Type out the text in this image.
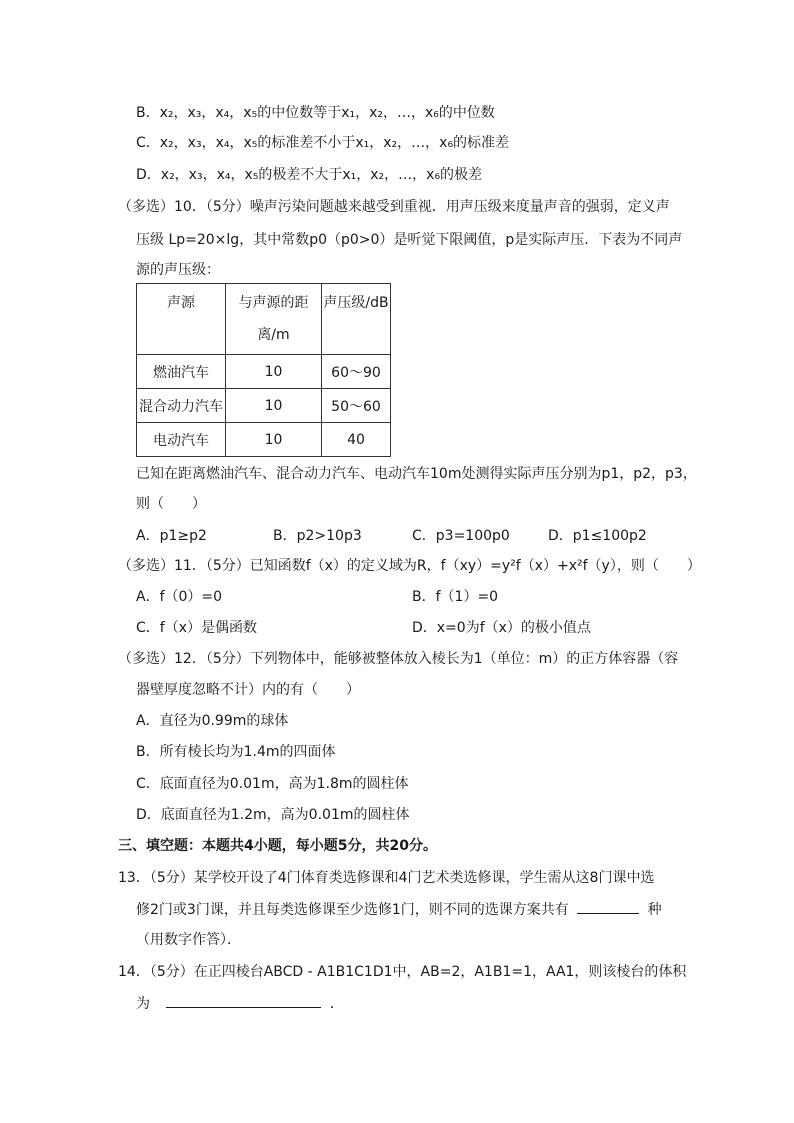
B．x₂，x₃，x₄，x₅的中位数等于x₁，x₂，…，x₆的中位数
C．x₂，x₃，x₄，x₅的标准差不小于x₁，x₂，…，x₆的标准差
D．x₂，x₃，x₄，x₅的极差不大于x₁，x₂，…，x₆的极差
（多选）10．（5分）噪声污染问题越来越受到重视．用声压级来度量声音的强弱，定义声
压级 Lp=20×lg，其中常数p0（p0>0）是听觉下限阈值，p是实际声压．下表为不同声
源的声压级：
声源	与声源的距离/m	声压级/dB
燃油汽车	10	60～90
混合动力汽车	10	50～60
电动汽车	10	40
已知在距离燃油汽车、混合动力汽车、电动汽车10m处测得实际声压分别为p1，p2，p3，
则（　　）
A．p1≥p2	B．p2>10p3	C．p3=100p0	D．p1≤100p2
（多选）11．（5分）已知函数f（x）的定义域为R，f（xy）=y²f（x）+x²f（y），则（　　）
A．f（0）=0	B．f（1）=0
C．f（x）是偶函数	D．x=0为f（x）的极小值点
（多选）12．（5分）下列物体中，能够被整体放入棱长为1（单位：m）的正方体容器（容
器壁厚度忽略不计）内的有（　　）
A．直径为0.99m的球体
B．所有棱长均为1.4m的四面体
C．底面直径为0.01m，高为1.8m的圆柱体
D．底面直径为1.2m，高为0.01m的圆柱体
三、填空题：本题共4小题，每小题5分，共20分。
13．（5分）某学校开设了4门体育类选修课和4门艺术类选修课，学生需从这8门课中选
修2门或3门课，并且每类选修课至少选修1门，则不同的选课方案共有	种
（用数字作答）．
14．（5分）在正四棱台ABCD - A1B1C1D1中，AB=2，A1B1=1，AA1，则该棱台的体积
为	．
